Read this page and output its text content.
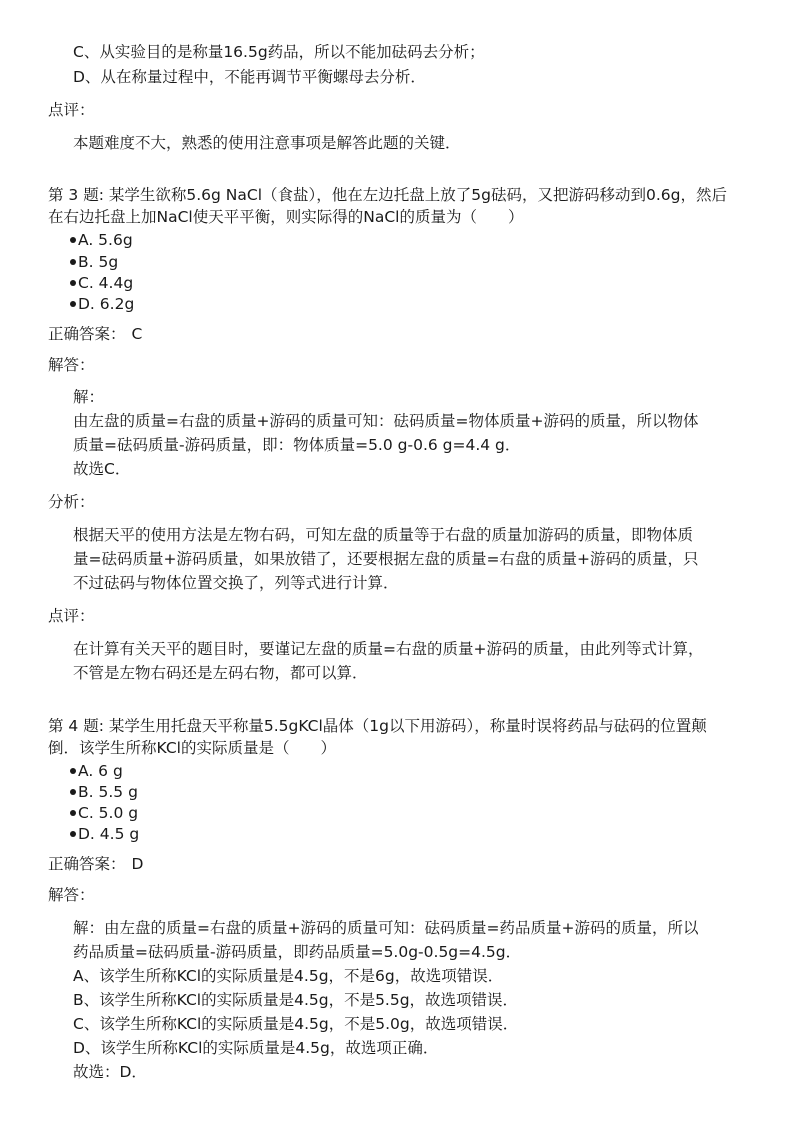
C、从实验目的是称量16.5g药品，所以不能加砝码去分析；
D、从在称量过程中，不能再调节平衡螺母去分析．
点评：
本题难度不大，熟悉的使用注意事项是解答此题的关键．
第 3 题: 某学生欲称5.6g NaCl（食盐），他在左边托盘上放了5g砝码，又把游码移动到0.6g，然后
在右边托盘上加NaCl使天平平衡，则实际得的NaCl的质量为（　　）
A. 5.6g
B. 5g
C. 4.4g
D. 6.2g
正确答案： C
解答：
解：
由左盘的质量=右盘的质量+游码的质量可知：砝码质量=物体质量+游码的质量，所以物体
质量=砝码质量-游码质量，即：物体质量=5.0 g-0.6 g=4.4 g．
故选C．
分析：
根据天平的使用方法是左物右码，可知左盘的质量等于右盘的质量加游码的质量，即物体质
量=砝码质量+游码质量，如果放错了，还要根据左盘的质量=右盘的质量+游码的质量，只
不过砝码与物体位置交换了，列等式进行计算．
点评：
在计算有关天平的题目时，要谨记左盘的质量=右盘的质量+游码的质量，由此列等式计算，
不管是左物右码还是左码右物，都可以算．
第 4 题: 某学生用托盘天平称量5.5gKCl晶体（1g以下用游码），称量时误将药品与砝码的位置颠
倒．该学生所称KCl的实际质量是（　　）
A. 6 g
B. 5.5 g
C. 5.0 g
D. 4.5 g
正确答案： D
解答：
解：由左盘的质量=右盘的质量+游码的质量可知：砝码质量=药品质量+游码的质量，所以
药品质量=砝码质量-游码质量，即药品质量=5.0g-0.5g=4.5g．
A、该学生所称KCl的实际质量是4.5g，不是6g，故选项错误．
B、该学生所称KCl的实际质量是4.5g，不是5.5g，故选项错误．
C、该学生所称KCl的实际质量是4.5g，不是5.0g，故选项错误．
D、该学生所称KCl的实际质量是4.5g，故选项正确．
故选：D．
